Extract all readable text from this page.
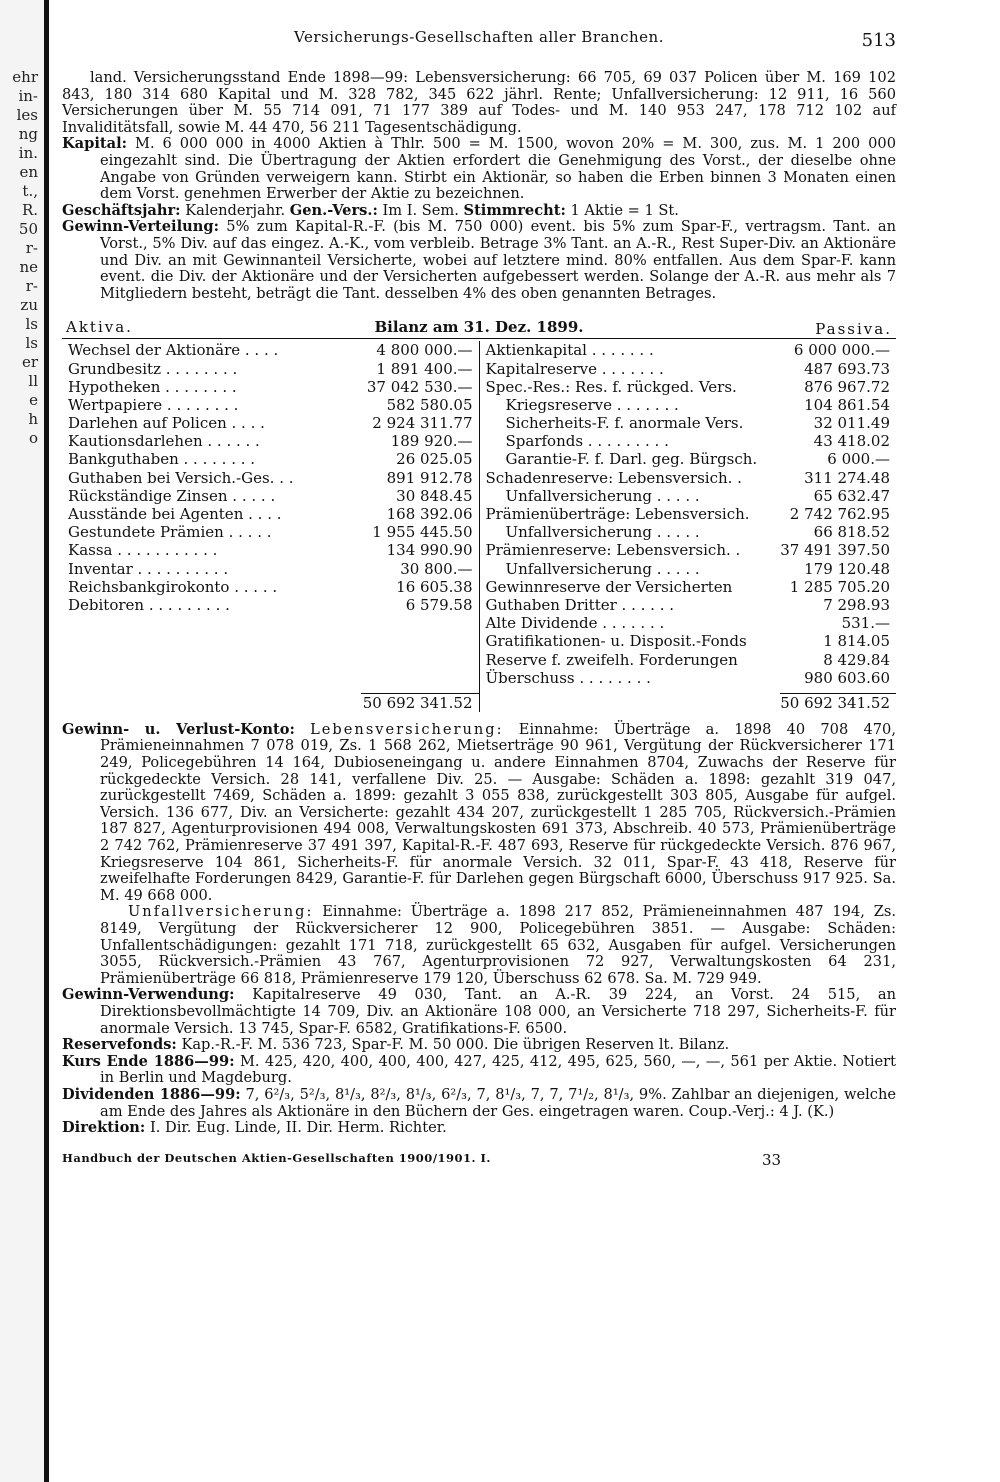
ehr
in-
les
ng
in.
en
t.,
R.
50
r-
ne
r-
zu
ls
ls
er
ll
e
h
o
Versicherungs-Gesellschaften aller Branchen.	513

land. Versicherungsstand Ende 1898—99: Lebensversicherung: 66 705, 69 037 Policen über M. 169 102 843, 180 314 680 Kapital und M. 328 782, 345 622 jährl. Rente; Unfallversicherung: 12 911, 16 560 Versicherungen über M. 55 714 091, 71 177 389 auf Todes- und M. 140 953 247, 178 712 102 auf Invaliditätsfall, sowie M. 44 470, 56 211 Tagesentschädigung.

Kapital: M. 6 000 000 in 4000 Aktien à Thlr. 500 = M. 1500, wovon 20% = M. 300, zus. M. 1 200 000 eingezahlt sind. Die Übertragung der Aktien erfordert die Genehmigung des Vorst., der dieselbe ohne Angabe von Gründen verweigern kann. Stirbt ein Aktionär, so haben die Erben binnen 3 Monaten einen dem Vorst. genehmen Erwerber der Aktie zu bezeichnen.

Geschäftsjahr: Kalenderjahr. Gen.-Vers.: Im I. Sem. Stimmrecht: 1 Aktie = 1 St.

Gewinn-Verteilung: 5% zum Kapital-R.-F. (bis M. 750 000) event. bis 5% zum Spar-F., vertragsm. Tant. an Vorst., 5% Div. auf das eingez. A.-K., vom verbleib. Betrage 3% Tant. an A.-R., Rest Super-Div. an Aktionäre und Div. an mit Gewinnanteil Versicherte, wobei auf letztere mind. 80% entfallen. Aus dem Spar-F. kann event. die Div. der Aktionäre und der Versicherten aufgebessert werden. Solange der A.-R. aus mehr als 7 Mitgliedern besteht, beträgt die Tant. desselben 4% des oben genannten Betrages.

Aktiva.	Bilanz am 31. Dez. 1899.	Passiva.
Wechsel der Aktionäre . . . .	4 800 000.—
Grundbesitz . . . . . . . .	1 891 400.—
Hypotheken . . . . . . . .	37 042 530.—
Wertpapiere . . . . . . . .	582 580.05
Darlehen auf Policen . . . .	2 924 311.77
Kautionsdarlehen . . . . . .	189 920.—
Bankguthaben . . . . . . . .	26 025.05
Guthaben bei Versich.-Ges. . .	891 912.78
Rückständige Zinsen . . . . .	30 848.45
Ausstände bei Agenten . . . .	168 392.06
Gestundete Prämien . . . . .	1 955 445.50
Kassa . . . . . . . . . . .	134 990.90
Inventar . . . . . . . . . .	30 800.—
Reichsbankgirokonto . . . . .	16 605.38
Debitoren . . . . . . . . .	6 579.58
Aktienkapital . . . . . . .	6 000 000.—
Kapitalreserve . . . . . . .	487 693.73
Spec.-Res.: Res. f. rückged. Vers.	876 967.72
Kriegsreserve . . . . . . .	104 861.54
Sicherheits-F. f. anormale Vers.	32 011.49
Sparfonds . . . . . . . . .	43 418.02
Garantie-F. f. Darl. geg. Bürgsch.	6 000.—
Schadenreserve: Lebensversich. .	311 274.48
Unfallversicherung . . . . .	65 632.47
Prämienüberträge: Lebensversich.	2 742 762.95
Unfallversicherung . . . . .	66 818.52
Prämienreserve: Lebensversich. .	37 491 397.50
Unfallversicherung . . . . .	179 120.48
Gewinnreserve der Versicherten	1 285 705.20
Guthaben Dritter . . . . . .	7 298.93
Alte Dividende . . . . . . .	531.—
Gratifikationen- u. Disposit.-Fonds	1 814.05
Reserve f. zweifelh. Forderungen	8 429.84
Überschuss . . . . . . . .	980 603.60
50 692 341.52	50 692 341.52

Gewinn- u. Verlust-Konto: Lebensversicherung: Einnahme: Überträge a. 1898 40 708 470, Prämieneinnahmen 7 078 019, Zs. 1 568 262, Mietserträge 90 961, Vergütung der Rückversicherer 171 249, Policegebühren 14 164, Dubioseneingang u. andere Einnahmen 8704, Zuwachs der Reserve für rückgedeckte Versich. 28 141, verfallene Div. 25. — Ausgabe: Schäden a. 1898: gezahlt 319 047, zurückgestellt 7469, Schäden a. 1899: gezahlt 3 055 838, zurückgestellt 303 805, Ausgabe für aufgel. Versich. 136 677, Div. an Versicherte: gezahlt 434 207, zurückgestellt 1 285 705, Rückversich.-Prämien 187 827, Agenturprovisionen 494 008, Verwaltungskosten 691 373, Abschreib. 40 573, Prämienüberträge 2 742 762, Prämienreserve 37 491 397, Kapital-R.-F. 487 693, Reserve für rückgedeckte Versich. 876 967, Kriegsreserve 104 861, Sicherheits-F. für anormale Versich. 32 011, Spar-F. 43 418, Reserve für zweifelhafte Forderungen 8429, Garantie-F. für Darlehen gegen Bürgschaft 6000, Überschuss 917 925. Sa. M. 49 668 000.

Unfallversicherung: Einnahme: Überträge a. 1898 217 852, Prämieneinnahmen 487 194, Zs. 8149, Vergütung der Rückversicherer 12 900, Policegebühren 3851. — Ausgabe: Schäden: Unfallentschädigungen: gezahlt 171 718, zurückgestellt 65 632, Ausgaben für aufgel. Versicherungen 3055, Rückversich.-Prämien 43 767, Agenturprovisionen 72 927, Verwaltungskosten 64 231, Prämienüberträge 66 818, Prämienreserve 179 120, Überschuss 62 678. Sa. M. 729 949.

Gewinn-Verwendung: Kapitalreserve 49 030, Tant. an A.-R. 39 224, an Vorst. 24 515, an Direktionsbevollmächtigte 14 709, Div. an Aktionäre 108 000, an Versicherte 718 297, Sicherheits-F. für anormale Versich. 13 745, Spar-F. 6582, Gratifikations-F. 6500.

Reservefonds: Kap.-R.-F. M. 536 723, Spar-F. M. 50 000. Die übrigen Reserven lt. Bilanz.

Kurs Ende 1886—99: M. 425, 420, 400, 400, 400, 427, 425, 412, 495, 625, 560, —, —, 561 per Aktie. Notiert in Berlin und Magdeburg.

Dividenden 1886—99: 7, 6²/₃, 5²/₃, 8¹/₃, 8²/₃, 8¹/₃, 6²/₃, 7, 8¹/₃, 7, 7, 7¹/₂, 8¹/₃, 9%. Zahlbar an diejenigen, welche am Ende des Jahres als Aktionäre in den Büchern der Ges. eingetragen waren. Coup.-Verj.: 4 J. (K.)

Direktion: I. Dir. Eug. Linde, II. Dir. Herm. Richter.

Handbuch der Deutschen Aktien-Gesellschaften 1900/1901. I.	33
